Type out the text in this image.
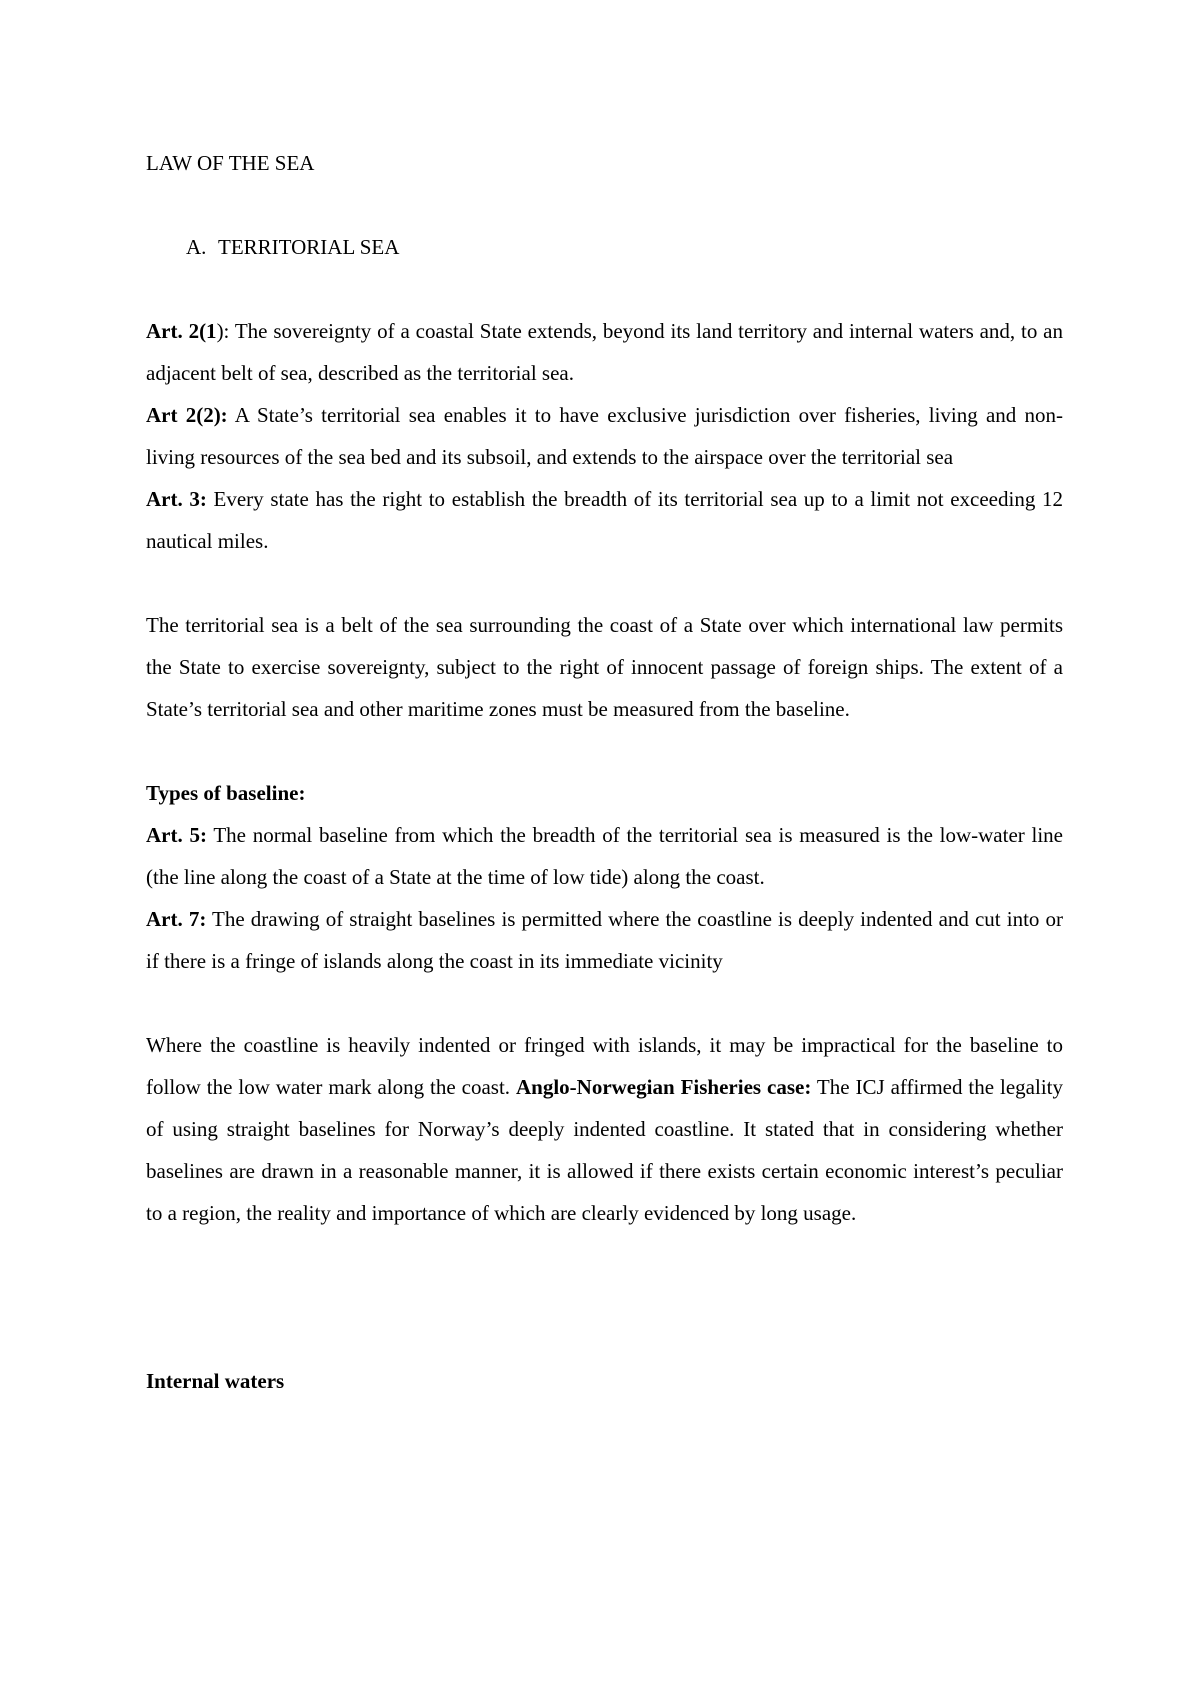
LAW OF THE SEA
A. TERRITORIAL SEA

Art. 2(1): The sovereignty of a coastal State extends, beyond its land territory and internal waters and, to an adjacent belt of sea, described as the territorial sea.

Art 2(2): A State’s territorial sea enables it to have exclusive jurisdiction over fisheries, living and non-living resources of the sea bed and its subsoil, and extends to the airspace over the territorial sea

Art. 3: Every state has the right to establish the breadth of its territorial sea up to a limit not exceeding 12 nautical miles.

The territorial sea is a belt of the sea surrounding the coast of a State over which international law permits the State to exercise sovereignty, subject to the right of innocent passage of foreign ships. The extent of a State’s territorial sea and other maritime zones must be measured from the baseline.

Types of baseline:

Art. 5: The normal baseline from which the breadth of the territorial sea is measured is the low-water line (the line along the coast of a State at the time of low tide) along the coast.

Art. 7: The drawing of straight baselines is permitted where the coastline is deeply indented and cut into or if there is a fringe of islands along the coast in its immediate vicinity

Where the coastline is heavily indented or fringed with islands, it may be impractical for the baseline to follow the low water mark along the coast. Anglo-Norwegian Fisheries case: The ICJ affirmed the legality of using straight baselines for Norway’s deeply indented coastline. It stated that in considering whether baselines are drawn in a reasonable manner, it is allowed if there exists certain economic interest’s peculiar to a region, the reality and importance of which are clearly evidenced by long usage.

Internal waters
